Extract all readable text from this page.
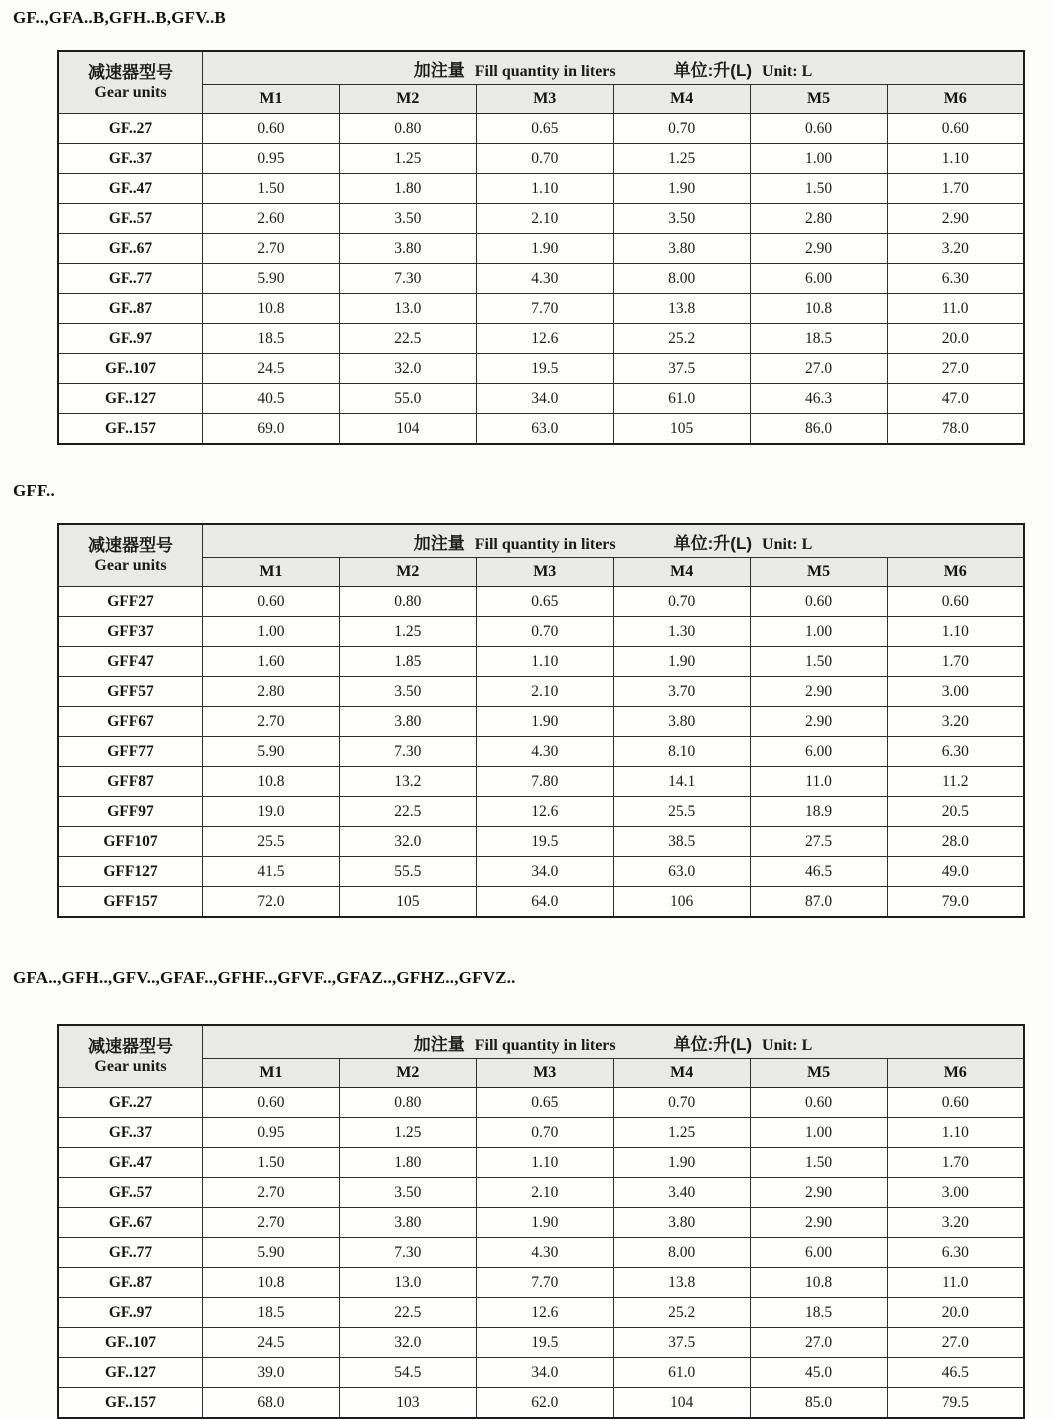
GF..,GFA..B,GFH..B,GFV..B
减速器型号
Gear units

加注量 Fill quantity in liters	单位:升(L) Unit: L

	M1	M2	M3	M4	M5	M6
GF..27	0.60	0.80	0.65	0.70	0.60	0.60
GF..37	0.95	1.25	0.70	1.25	1.00	1.10
GF..47	1.50	1.80	1.10	1.90	1.50	1.70
GF..57	2.60	3.50	2.10	3.50	2.80	2.90
GF..67	2.70	3.80	1.90	3.80	2.90	3.20
GF..77	5.90	7.30	4.30	8.00	6.00	6.30
GF..87	10.8	13.0	7.70	13.8	10.8	11.0
GF..97	18.5	22.5	12.6	25.2	18.5	20.0
GF..107	24.5	32.0	19.5	37.5	27.0	27.0
GF..127	40.5	55.0	34.0	61.0	46.3	47.0
GF..157	69.0	104	63.0	105	86.0	78.0
GFF..
减速器型号
Gear units

加注量 Fill quantity in liters	单位:升(L) Unit: L

	M1	M2	M3	M4	M5	M6
GFF27	0.60	0.80	0.65	0.70	0.60	0.60
GFF37	1.00	1.25	0.70	1.30	1.00	1.10
GFF47	1.60	1.85	1.10	1.90	1.50	1.70
GFF57	2.80	3.50	2.10	3.70	2.90	3.00
GFF67	2.70	3.80	1.90	3.80	2.90	3.20
GFF77	5.90	7.30	4.30	8.10	6.00	6.30
GFF87	10.8	13.2	7.80	14.1	11.0	11.2
GFF97	19.0	22.5	12.6	25.5	18.9	20.5
GFF107	25.5	32.0	19.5	38.5	27.5	28.0
GFF127	41.5	55.5	34.0	63.0	46.5	49.0
GFF157	72.0	105	64.0	106	87.0	79.0
GFA..,GFH..,GFV..,GFAF..,GFHF..,GFVF..,GFAZ..,GFHZ..,GFVZ..
减速器型号
Gear units

加注量 Fill quantity in liters	单位:升(L) Unit: L

	M1	M2	M3	M4	M5	M6
GF..27	0.60	0.80	0.65	0.70	0.60	0.60
GF..37	0.95	1.25	0.70	1.25	1.00	1.10
GF..47	1.50	1.80	1.10	1.90	1.50	1.70
GF..57	2.70	3.50	2.10	3.40	2.90	3.00
GF..67	2.70	3.80	1.90	3.80	2.90	3.20
GF..77	5.90	7.30	4.30	8.00	6.00	6.30
GF..87	10.8	13.0	7.70	13.8	10.8	11.0
GF..97	18.5	22.5	12.6	25.2	18.5	20.0
GF..107	24.5	32.0	19.5	37.5	27.0	27.0
GF..127	39.0	54.5	34.0	61.0	45.0	46.5
GF..157	68.0	103	62.0	104	85.0	79.5
